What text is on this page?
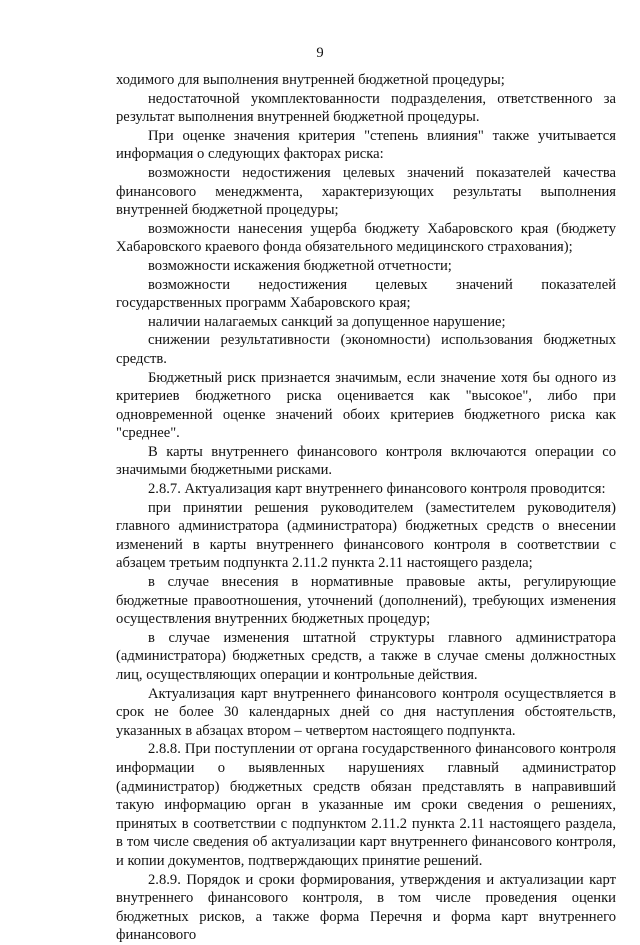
9

ходимого для выполнения внутренней бюджетной процедуры;

недостаточной укомплектованности подразделения, ответственного за результат выполнения внутренней бюджетной процедуры.

При оценке значения критерия "степень влияния" также учитывается информация о следующих факторах риска:

возможности недостижения целевых значений показателей качества финансового менеджмента, характеризующих результаты выполнения внутренней бюджетной процедуры;

возможности нанесения ущерба бюджету Хабаровского края (бюджету Хабаровского краевого фонда обязательного медицинского страхования);

возможности искажения бюджетной отчетности;

возможности недостижения целевых значений показателей государственных программ Хабаровского края;

наличии налагаемых санкций за допущенное нарушение;

снижении результативности (экономности) использования бюджетных средств.

Бюджетный риск признается значимым, если значение хотя бы одного из критериев бюджетного риска оценивается как "высокое", либо при одновременной оценке значений обоих критериев бюджетного риска как "среднее".

В карты внутреннего финансового контроля включаются операции со значимыми бюджетными рисками.

2.8.7. Актуализация карт внутреннего финансового контроля проводится:

при принятии решения руководителем (заместителем руководителя) главного администратора (администратора) бюджетных средств о внесении изменений в карты внутреннего финансового контроля в соответствии с абзацем третьим подпункта 2.11.2 пункта 2.11 настоящего раздела;

в случае внесения в нормативные правовые акты, регулирующие бюджетные правоотношения, уточнений (дополнений), требующих изменения осуществления внутренних бюджетных процедур;

в случае изменения штатной структуры главного администратора (администратора) бюджетных средств, а также в случае смены должностных лиц, осуществляющих операции и контрольные действия.

Актуализация карт внутреннего финансового контроля осуществляется в срок не более 30 календарных дней со дня наступления обстоятельств, указанных в абзацах втором – четвертом настоящего подпункта.

2.8.8. При поступлении от органа государственного финансового контроля информации о выявленных нарушениях главный администратор (администратор) бюджетных средств обязан представлять в направивший такую информацию орган в указанные им сроки сведения о решениях, принятых в соответствии с подпунктом 2.11.2 пункта 2.11 настоящего раздела, в том числе сведения об актуализации карт внутреннего финансового контроля, и копии документов, подтверждающих принятие решений.

2.8.9. Порядок и сроки формирования, утверждения и актуализации карт внутреннего финансового контроля, в том числе проведения оценки бюджетных рисков, а также форма Перечня и форма карт внутреннего финансового
